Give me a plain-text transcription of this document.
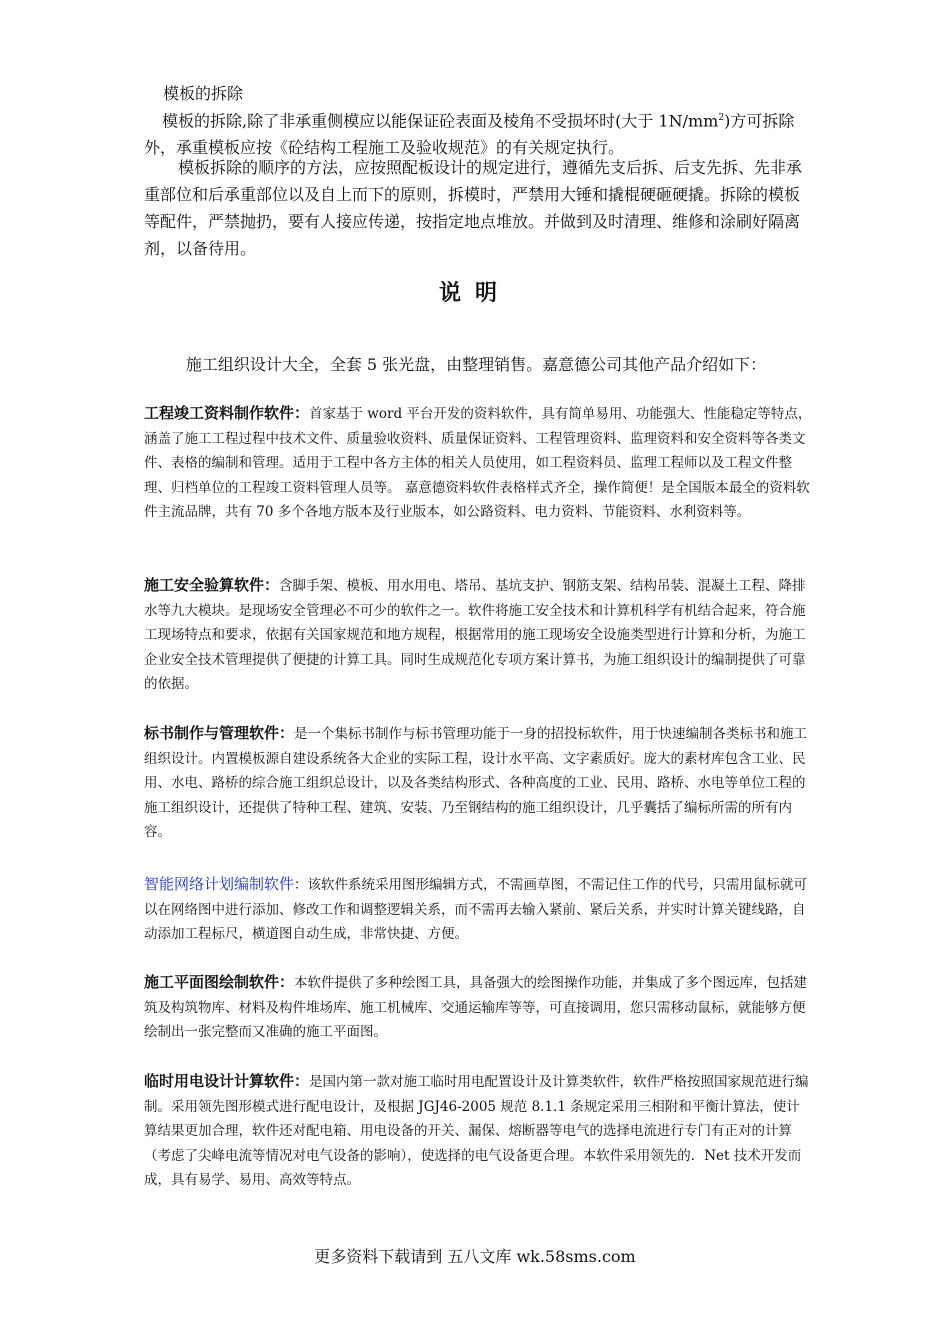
模板的拆除

模板的拆除,除了非承重侧模应以能保证砼表面及棱角不受损坏时(大于 $1N/mm^2$)方可拆除外，承重模板应按《砼结构工程施工及验收规范》的有关规定执行。

模板拆除的顺序的方法，应按照配板设计的规定进行，遵循先支后拆、后支先拆、先非承重部位和后承重部位以及自上而下的原则，拆模时，严禁用大锤和撬棍硬砸硬撬。拆除的模板等配件，严禁抛扔，要有人接应传递，按指定地点堆放。并做到及时清理、维修和涂刷好隔离剂，以备待用。

说明

施工组织设计大全，全套 5 张光盘，由整理销售。嘉意德公司其他产品介绍如下：

工程竣工资料制作软件：首家基于 word 平台开发的资料软件，具有简单易用、功能强大、性能稳定等特点，涵盖了施工工程过程中技术文件、质量验收资料、质量保证资料、工程管理资料、监理资料和安全资料等各类文件、表格的编制和管理。适用于工程中各方主体的相关人员使用，如工程资料员、监理工程师以及工程文件整理、归档单位的工程竣工资料管理人员等。 嘉意德资料软件表格样式齐全，操作简便！是全国版本最全的资料软件主流品牌，共有 70 多个各地方版本及行业版本，如公路资料、电力资料、节能资料、水利资料等。

施工安全验算软件：含脚手架、模板、用水用电、塔吊、基坑支护、钢筋支架、结构吊装、混凝土工程、降排水等九大模块。是现场安全管理必不可少的软件之一。软件将施工安全技术和计算机科学有机结合起来，符合施工现场特点和要求，依据有关国家规范和地方规程，根据常用的施工现场安全设施类型进行计算和分析，为施工企业安全技术管理提供了便捷的计算工具。同时生成规范化专项方案计算书，为施工组织设计的编制提供了可靠的依据。

标书制作与管理软件：是一个集标书制作与标书管理功能于一身的招投标软件，用于快速编制各类标书和施工组织设计。内置模板源自建设系统各大企业的实际工程，设计水平高、文字素质好。庞大的素材库包含工业、民用、水电、路桥的综合施工组织总设计，以及各类结构形式、各种高度的工业、民用、路桥、水电等单位工程的施工组织设计，还提供了特种工程、建筑、安装、乃至钢结构的施工组织设计，几乎囊括了编标所需的所有内容。

智能网络计划编制软件：该软件系统采用图形编辑方式，不需画草图，不需记住工作的代号，只需用鼠标就可以在网络图中进行添加、修改工作和调整逻辑关系，而不需再去输入紧前、紧后关系，并实时计算关键线路，自动添加工程标尺，横道图自动生成，非常快捷、方便。

施工平面图绘制软件：本软件提供了多种绘图工具，具备强大的绘图操作功能，并集成了多个图远库，包括建筑及构筑物库、材料及构件堆场库、施工机械库、交通运输库等等，可直接调用，您只需移动鼠标，就能够方便绘制出一张完整而又准确的施工平面图。

临时用电设计计算软件：是国内第一款对施工临时用电配置设计及计算类软件，软件严格按照国家规范进行编制。采用领先图形模式进行配电设计，及根据 JGJ46-2005 规范 8.1.1 条规定采用三相附和平衡计算法，使计算结果更加合理，软件还对配电箱、用电设备的开关、漏保、熔断器等电气的选择电流进行专门有正对的计算（考虑了尖峰电流等情况对电气设备的影响），使选择的电气设备更合理。本软件采用领先的．Net 技术开发而成，具有易学、易用、高效等特点。

更多资料下载请到 五八文库 wk.58sms.com
